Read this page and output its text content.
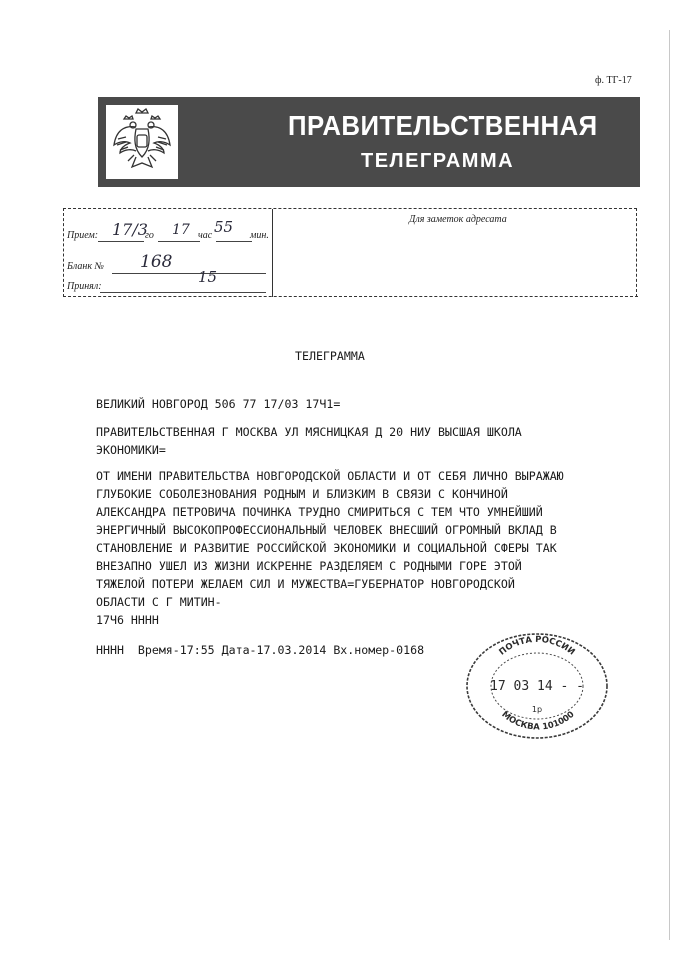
ф. ТГ-17
ПРАВИТЕЛЬСТВЕННАЯ
ТЕЛЕГРАММА
Прием: 17/3
го 17 час 55 мин.
Бланк № 168
Принял:
15
Для заметок адресата
ТЕЛЕГРАММА
ВЕЛИКИЙ НОВГОРОД 506 77 17/03 17Ч1=
ПРАВИТЕЛЬСТВЕННАЯ Г МОСКВА УЛ МЯСНИЦКАЯ Д 20 НИУ ВЫСШАЯ ШКОЛА
ЭКОНОМИКИ=
ОТ ИМЕНИ ПРАВИТЕЛЬСТВА НОВГОРОДСКОЙ ОБЛАСТИ И ОТ СЕБЯ ЛИЧНО ВЫРАЖАЮ
ГЛУБОКИЕ СОБОЛЕЗНОВАНИЯ РОДНЫМ И БЛИЗКИМ В СВЯЗИ С КОНЧИНОЙ
АЛЕКСАНДРА ПЕТРОВИЧА ПОЧИНКА ТРУДНО СМИРИТЬСЯ С ТЕМ ЧТО УМНЕЙШИЙ
ЭНЕРГИЧНЫЙ ВЫСОКОПРОФЕССИОНАЛЬНЫЙ ЧЕЛОВЕК ВНЕСШИЙ ОГРОМНЫЙ ВКЛАД В
СТАНОВЛЕНИЕ И РАЗВИТИЕ РОССИЙСКОЙ ЭКОНОМИКИ И СОЦИАЛЬНОЙ СФЕРЫ ТАК
ВНЕЗАПНО УШЕЛ ИЗ ЖИЗНИ ИСКРЕННЕ РАЗДЕЛЯЕМ С РОДНЫМИ ГОРЕ ЭТОЙ
ТЯЖЕЛОЙ ПОТЕРИ ЖЕЛАЕМ СИЛ И МУЖЕСТВА=ГУБЕРНАТОР НОВГОРОДСКОЙ
ОБЛАСТИ С Г МИТИН-
17Ч6 НННН
НННН  Время-17:55 Дата-17.03.2014 Вх.номер-0168	ПОЧТА РОССИИ
17 03 14 - -
1р
МОСКВА 101000
